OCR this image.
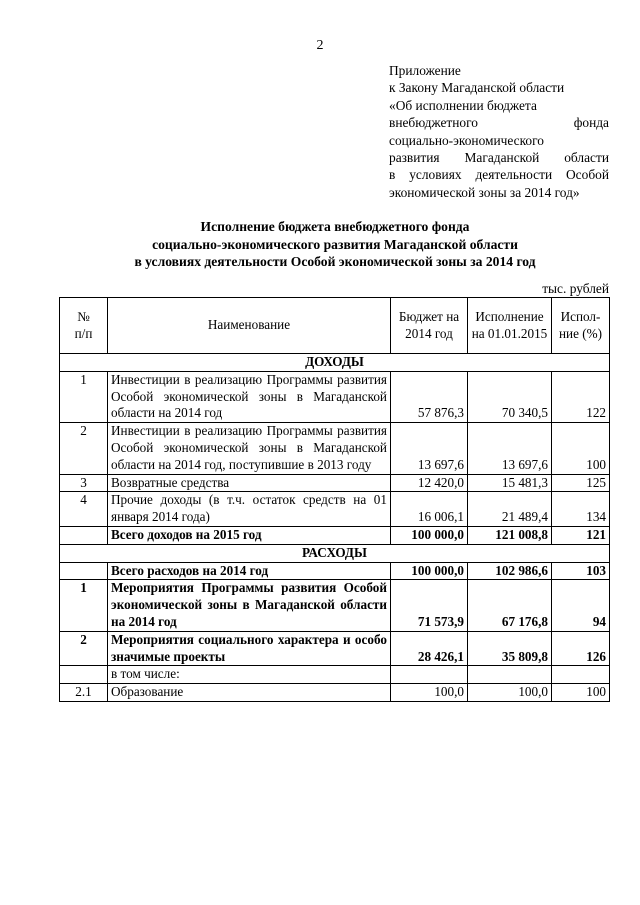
2
Приложение
к Закону Магаданской области
«Об исполнении бюджета
внебюджетного фонда
социально-экономического
развития Магаданской области
в условиях деятельности Особой
экономической зоны за 2014 год»
Исполнение бюджета внебюджетного фонда
социально-экономического развития Магаданской области
в условиях деятельности Особой экономической зоны за 2014 год
тыс. рублей
№ п/п	Наименование	Бюджет на 2014 год	Исполнение на 01.01.2015	Испол-ние (%)
ДОХОДЫ				
1	Инвестиции в реализацию Программы развития Особой экономической зоны в Магаданской области на 2014 год	57 876,3	70 340,5	122
2	Инвестиции в реализацию Программы развития Особой экономической зоны в Магаданской области на 2014 год, поступившие в 2013 году	13 697,6	13 697,6	100
3	Возвратные средства	12 420,0	15 481,3	125
4	Прочие доходы (в т.ч. остаток средств на 01 января 2014 года)	16 006,1	21 489,4	134
	Всего доходов на 2015 год	100 000,0	121 008,8	121
РАСХОДЫ				
	Всего расходов на 2014 год	100 000,0	102 986,6	103
1	Мероприятия Программы развития Особой экономической зоны в Магаданской области на 2014 год	71 573,9	67 176,8	94
2	Мероприятия социального характера и особо значимые проекты	28 426,1	35 809,8	126
	в том числе:			
2.1	Образование	100,0	100,0	100
